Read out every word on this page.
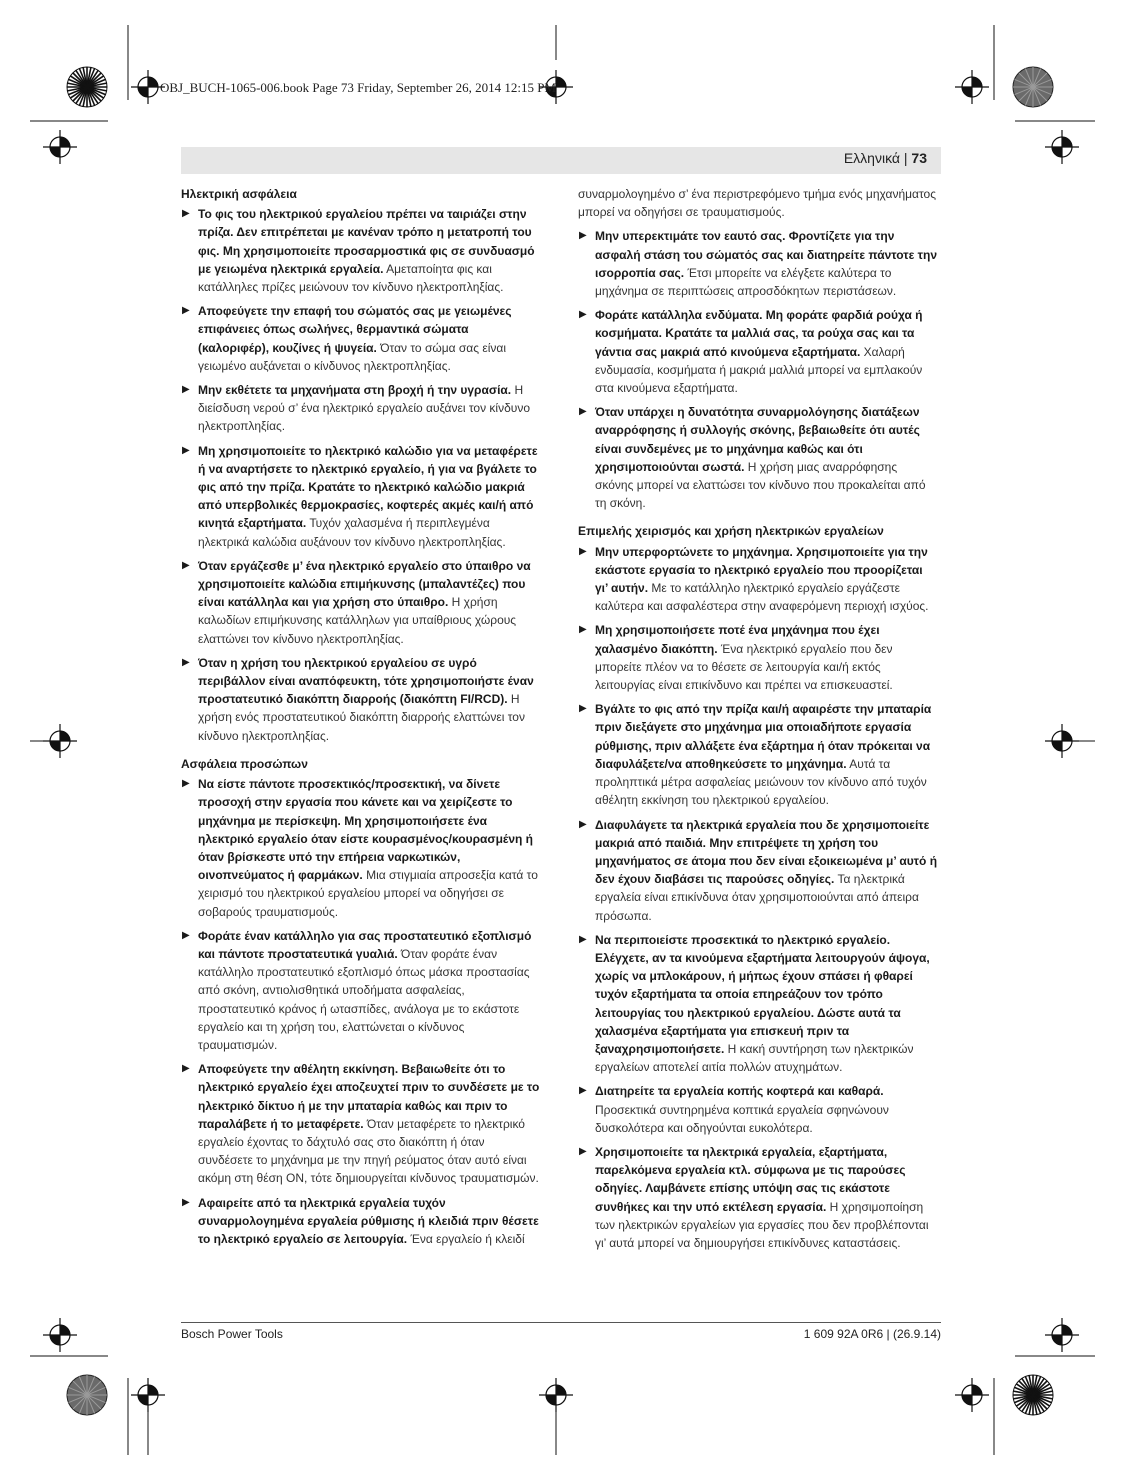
OBJ_BUCH-1065-006.book Page 73 Friday, September 26, 2014 12:15 PM
Ελληνικά | 73
Ηλεκτρική ασφάλεια
▶ Το φις του ηλεκτρικού εργαλείου πρέπει να ταιριάζει στην πρίζα. Δεν επιτρέπεται με κανέναν τρόπο η μετατροπή του φις. Μη χρησιμοποιείτε προσαρμοστικά φις σε συνδυασμό με γειωμένα ηλεκτρικά εργαλεία. Αμεταποίητα φις και κατάλληλες πρίζες μειώνουν τον κίνδυνο ηλεκτροπληξίας.
▶ Αποφεύγετε την επαφή του σώματός σας με γειωμένες επιφάνειες όπως σωλήνες, θερμαντικά σώματα (καλοριφέρ), κουζίνες ή ψυγεία. Όταν το σώμα σας είναι γειωμένο αυξάνεται ο κίνδυνος ηλεκτροπληξίας.
▶ Μην εκθέτετε τα μηχανήματα στη βροχή ή την υγρασία. Η διείσδυση νερού σ’ ένα ηλεκτρικό εργαλείο αυξάνει τον κίνδυνο ηλεκτροπληξίας.
▶ Μη χρησιμοποιείτε το ηλεκτρικό καλώδιο για να μεταφέρετε ή να αναρτήσετε το ηλεκτρικό εργαλείο, ή για να βγάλετε το φις από την πρίζα. Κρατάτε το ηλεκτρικό καλώδιο μακριά από υπερβολικές θερμοκρασίες, κοφτερές ακμές και/ή από κινητά εξαρτήματα. Τυχόν χαλασμένα ή περιπλεγμένα ηλεκτρικά καλώδια αυξάνουν τον κίνδυνο ηλεκτροπληξίας.
▶ Όταν εργάζεσθε μ’ ένα ηλεκτρικό εργαλείο στο ύπαιθρο να χρησιμοποιείτε καλώδια επιμήκυνσης (μπαλαντέζες) που είναι κατάλληλα και για χρήση στο ύπαιθρο. Η χρήση καλωδίων επιμήκυνσης κατάλληλων για υπαίθριους χώρους ελαττώνει τον κίνδυνο ηλεκτροπληξίας.
▶ Όταν η χρήση του ηλεκτρικού εργαλείου σε υγρό περιβάλλον είναι αναπόφευκτη, τότε χρησιμοποιήστε έναν προστατευτικό διακόπτη διαρροής (διακόπτη FI/RCD). Η χρήση ενός προστατευτικού διακόπτη διαρροής ελαττώνει τον κίνδυνο ηλεκτροπληξίας.
Ασφάλεια προσώπων
▶ Να είστε πάντοτε προσεκτικός/προσεκτική, να δίνετε προσοχή στην εργασία που κάνετε και να χειρίζεστε το μηχάνημα με περίσκεψη. Μη χρησιμοποιήσετε ένα ηλεκτρικό εργαλείο όταν είστε κουρασμένος/κουρασμένη ή όταν βρίσκεστε υπό την επήρεια ναρκωτικών, οινοπνεύματος ή φαρμάκων. Μια στιγμιαία απροσεξία κατά το χειρισμό του ηλεκτρικού εργαλείου μπορεί να οδηγήσει σε σοβαρούς τραυματισμούς.
▶ Φοράτε έναν κατάλληλο για σας προστατευτικό εξοπλισμό και πάντοτε προστατευτικά γυαλιά. Όταν φοράτε έναν κατάλληλο προστατευτικό εξοπλισμό όπως μάσκα προστασίας από σκόνη, αντιολισθητικά υποδήματα ασφαλείας, προστατευτικό κράνος ή ωτασπίδες, ανάλογα με το εκάστοτε εργαλείο και τη χρήση του, ελαττώνεται ο κίνδυνος τραυματισμών.
▶ Αποφεύγετε την αθέλητη εκκίνηση. Βεβαιωθείτε ότι το ηλεκτρικό εργαλείο έχει αποζευχτεί πριν το συνδέσετε με το ηλεκτρικό δίκτυο ή με την μπαταρία καθώς και πριν το παραλάβετε ή το μεταφέρετε. Όταν μεταφέρετε το ηλεκτρικό εργαλείο έχοντας το δάχτυλό σας στο διακόπτη ή όταν συνδέσετε το μηχάνημα με την πηγή ρεύματος όταν αυτό είναι ακόμη στη θέση ON, τότε δημιουργείται κίνδυνος τραυματισμών.
▶ Αφαιρείτε από τα ηλεκτρικά εργαλεία τυχόν συναρμολογημένα εργαλεία ρύθμισης ή κλειδιά πριν θέσετε το ηλεκτρικό εργαλείο σε λειτουργία. Ένα εργαλείο ή κλειδί
συναρμολογημένο σ’ ένα περιστρεφόμενο τμήμα ενός μηχανήματος μπορεί να οδηγήσει σε τραυματισμούς.
▶ Μην υπερεκτιμάτε τον εαυτό σας. Φροντίζετε για την ασφαλή στάση του σώματός σας και διατηρείτε πάντοτε την ισορροπία σας. Έτσι μπορείτε να ελέγξετε καλύτερα το μηχάνημα σε περιπτώσεις απροσδόκητων περιστάσεων.
▶ Φοράτε κατάλληλα ενδύματα. Μη φοράτε φαρδιά ρούχα ή κοσμήματα. Κρατάτε τα μαλλιά σας, τα ρούχα σας και τα γάντια σας μακριά από κινούμενα εξαρτήματα. Χαλαρή ενδυμασία, κοσμήματα ή μακριά μαλλιά μπορεί να εμπλακούν στα κινούμενα εξαρτήματα.
▶ Όταν υπάρχει η δυνατότητα συναρμολόγησης διατάξεων αναρρόφησης ή συλλογής σκόνης, βεβαιωθείτε ότι αυτές είναι συνδεμένες με το μηχάνημα καθώς και ότι χρησιμοποιούνται σωστά. Η χρήση μιας αναρρόφησης σκόνης μπορεί να ελαττώσει τον κίνδυνο που προκαλείται από τη σκόνη.
Επιμελής χειρισμός και χρήση ηλεκτρικών εργαλείων
▶ Μην υπερφορτώνετε το μηχάνημα. Χρησιμοποιείτε για την εκάστοτε εργασία το ηλεκτρικό εργαλείο που προορίζεται γι’ αυτήν. Με το κατάλληλο ηλεκτρικό εργαλείο εργάζεστε καλύτερα και ασφαλέστερα στην αναφερόμενη περιοχή ισχύος.
▶ Μη χρησιμοποιήσετε ποτέ ένα μηχάνημα που έχει χαλασμένο διακόπτη. Ένα ηλεκτρικό εργαλείο που δεν μπορείτε πλέον να το θέσετε σε λειτουργία και/ή εκτός λειτουργίας είναι επικίνδυνο και πρέπει να επισκευαστεί.
▶ Βγάλτε το φις από την πρίζα και/ή αφαιρέστε την μπαταρία πριν διεξάγετε στο μηχάνημα μια οποιαδήποτε εργασία ρύθμισης, πριν αλλάξετε ένα εξάρτημα ή όταν πρόκειται να διαφυλάξετε/να αποθηκεύσετε το μηχάνημα. Αυτά τα προληπτικά μέτρα ασφαλείας μειώνουν τον κίνδυνο από τυχόν αθέλητη εκκίνηση του ηλεκτρικού εργαλείου.
▶ Διαφυλάγετε τα ηλεκτρικά εργαλεία που δε χρησιμοποιείτε μακριά από παιδιά. Μην επιτρέψετε τη χρήση του μηχανήματος σε άτομα που δεν είναι εξοικειωμένα μ’ αυτό ή δεν έχουν διαβάσει τις παρούσες οδηγίες. Τα ηλεκτρικά εργαλεία είναι επικίνδυνα όταν χρησιμοποιούνται από άπειρα πρόσωπα.
▶ Να περιποιείστε προσεκτικά το ηλεκτρικό εργαλείο. Ελέγχετε, αν τα κινούμενα εξαρτήματα λειτουργούν άψογα, χωρίς να μπλοκάρουν, ή μήπως έχουν σπάσει ή φθαρεί τυχόν εξαρτήματα τα οποία επηρεάζουν τον τρόπο λειτουργίας του ηλεκτρικού εργαλείου. Δώστε αυτά τα χαλασμένα εξαρτήματα για επισκευή πριν τα ξαναχρησιμοποιήσετε. Η κακή συντήρηση των ηλεκτρικών εργαλείων αποτελεί αιτία πολλών ατυχημάτων.
▶ Διατηρείτε τα εργαλεία κοπής κοφτερά και καθαρά. Προσεκτικά συντηρημένα κοπτικά εργαλεία σφηνώνουν δυσκολότερα και οδηγούνται ευκολότερα.
▶ Χρησιμοποιείτε τα ηλεκτρικά εργαλεία, εξαρτήματα, παρελκόμενα εργαλεία κτλ. σύμφωνα με τις παρούσες οδηγίες. Λαμβάνετε επίσης υπόψη σας τις εκάστοτε συνθήκες και την υπό εκτέλεση εργασία. Η χρησιμοποίηση των ηλεκτρικών εργαλείων για εργασίες που δεν προβλέπονται γι’ αυτά μπορεί να δημιουργήσει επικίνδυνες καταστάσεις.
Bosch Power Tools	1 609 92A 0R6 | (26.9.14)
